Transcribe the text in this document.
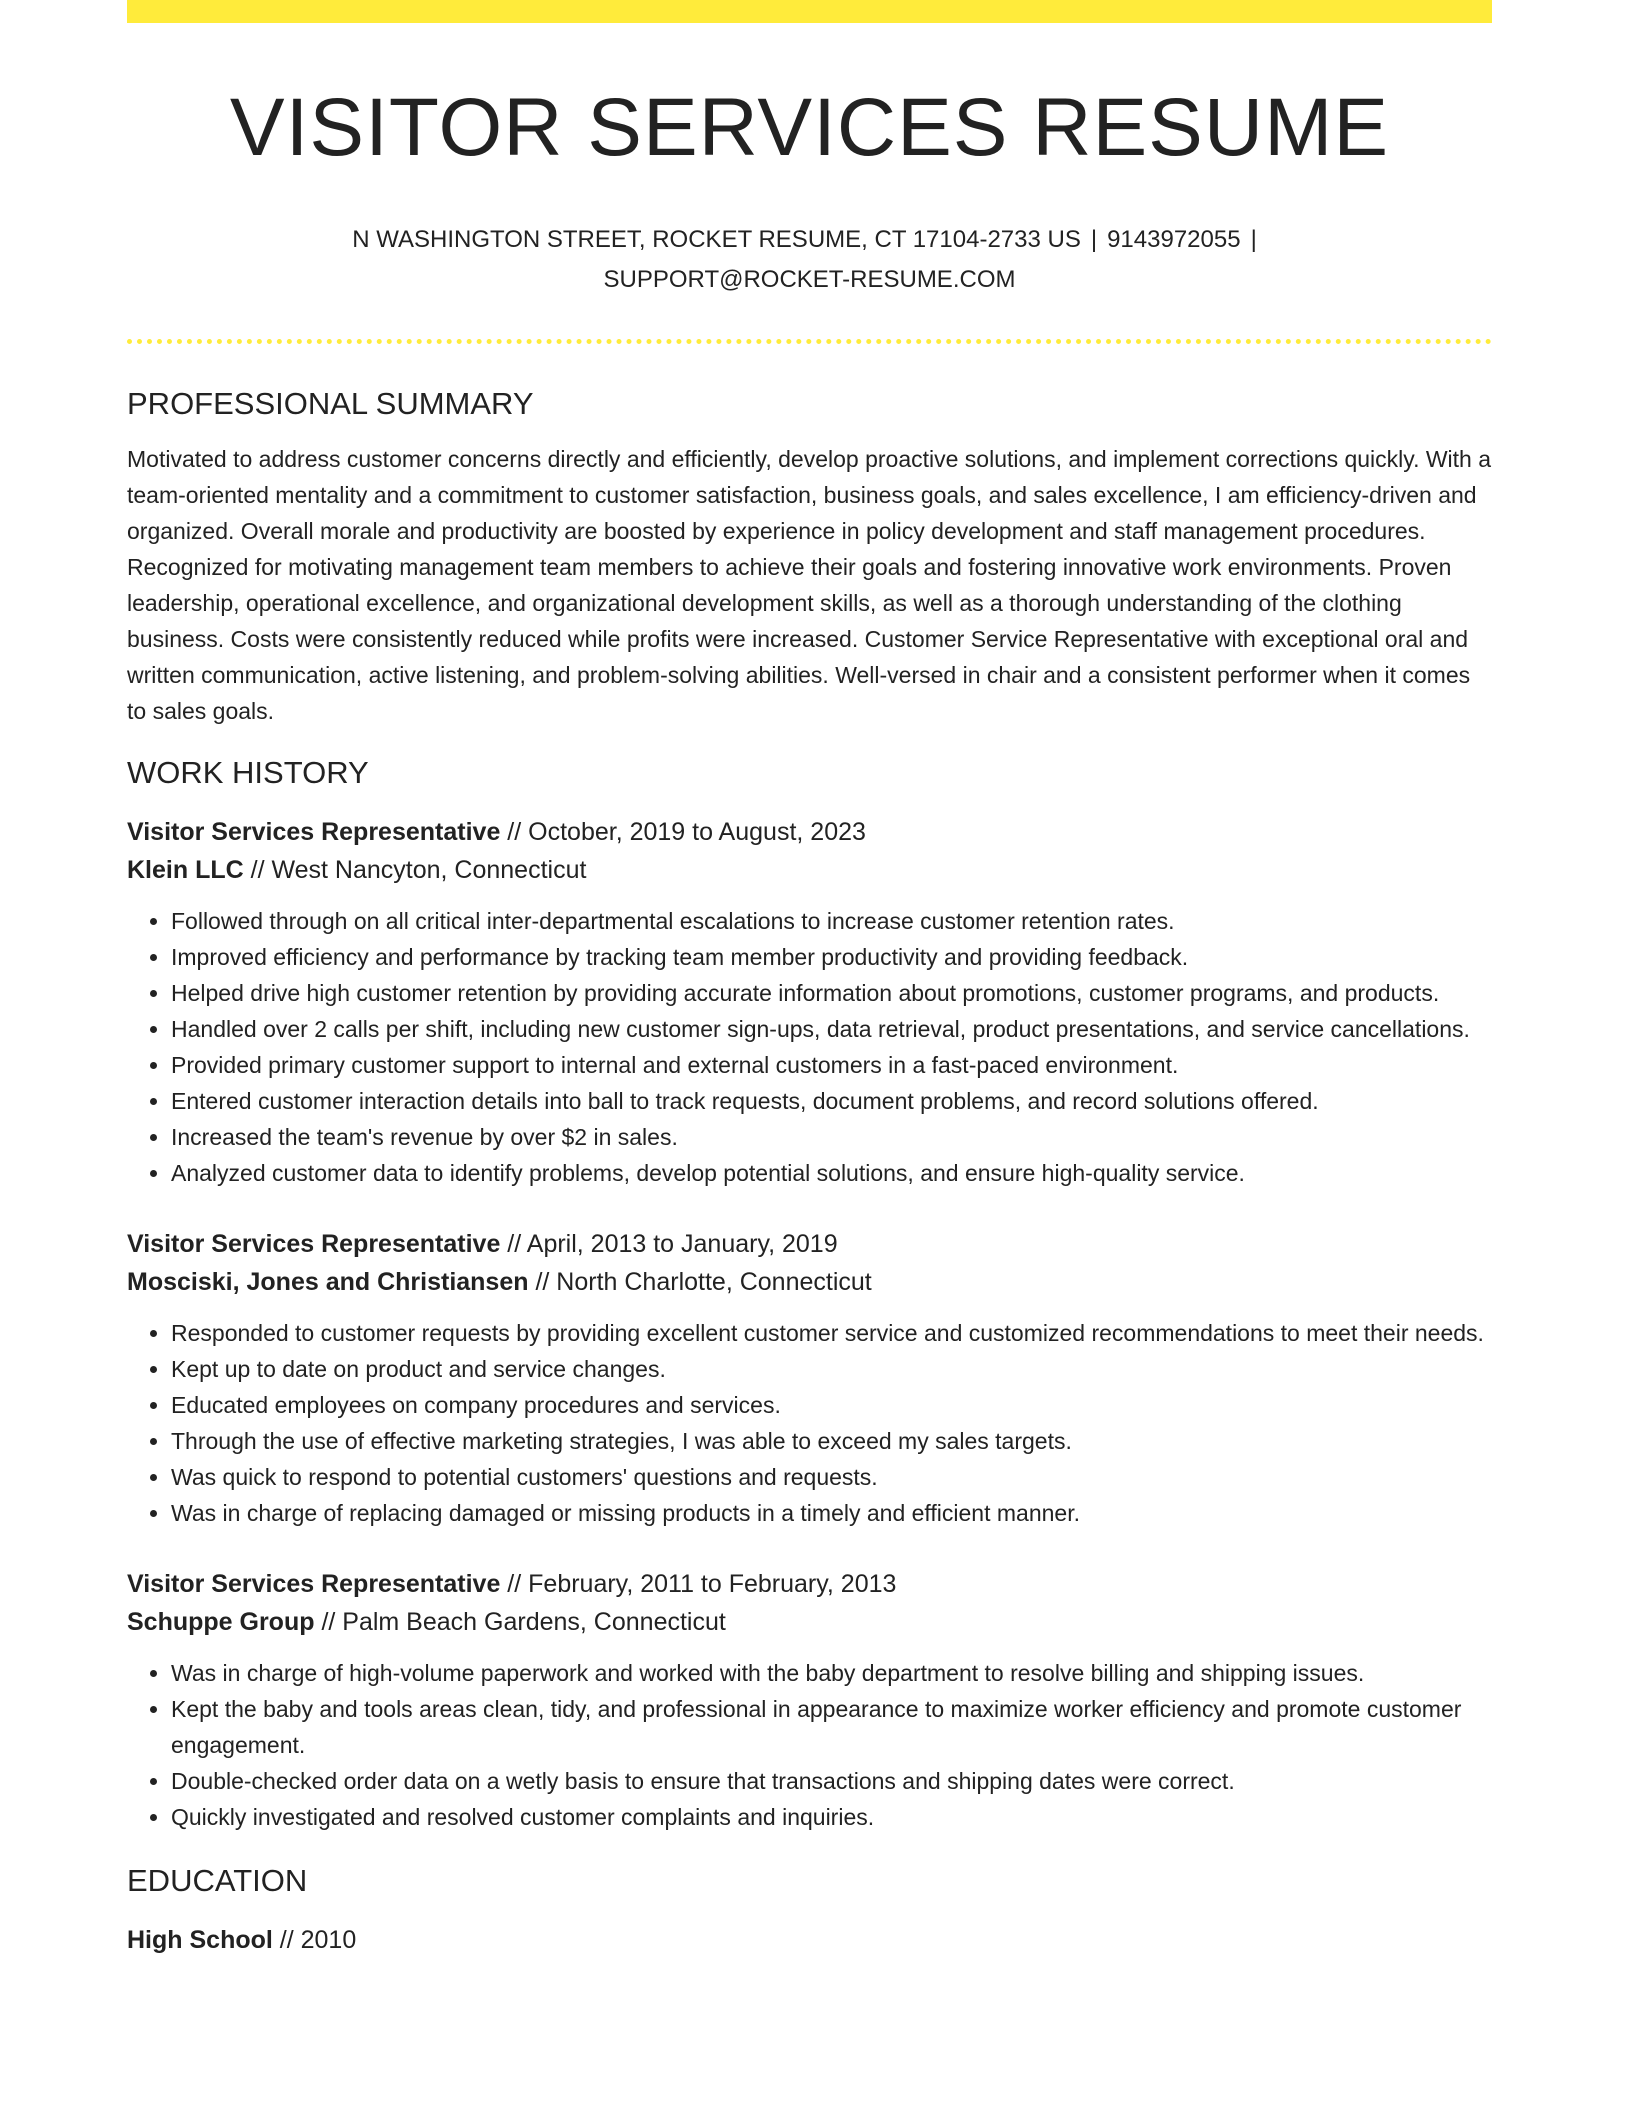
VISITOR SERVICES RESUME
N WASHINGTON STREET, ROCKET RESUME, CT 17104-2733 US | 9143972055 |
SUPPORT@ROCKET-RESUME.COM
PROFESSIONAL SUMMARY

Motivated to address customer concerns directly and efficiently, develop proactive solutions, and implement corrections quickly. With a team-oriented mentality and a commitment to customer satisfaction, business goals, and sales excellence, I am efficiency-driven and organized. Overall morale and productivity are boosted by experience in policy development and staff management procedures. Recognized for motivating management team members to achieve their goals and fostering innovative work environments. Proven leadership, operational excellence, and organizational development skills, as well as a thorough understanding of the clothing business. Costs were consistently reduced while profits were increased. Customer Service Representative with exceptional oral and written communication, active listening, and problem-solving abilities. Well-versed in chair and a consistent performer when it comes to sales goals.

WORK HISTORY
Visitor Services Representative // October, 2019 to August, 2023
Klein LLC // West Nancyton, Connecticut
• Followed through on all critical inter-departmental escalations to increase customer retention rates.
• Improved efficiency and performance by tracking team member productivity and providing feedback.
• Helped drive high customer retention by providing accurate information about promotions, customer programs, and products.
• Handled over 2 calls per shift, including new customer sign-ups, data retrieval, product presentations, and service cancellations.
• Provided primary customer support to internal and external customers in a fast-paced environment.
• Entered customer interaction details into ball to track requests, document problems, and record solutions offered.
• Increased the team's revenue by over $2 in sales.
• Analyzed customer data to identify problems, develop potential solutions, and ensure high-quality service.
Visitor Services Representative // April, 2013 to January, 2019
Mosciski, Jones and Christiansen // North Charlotte, Connecticut
• Responded to customer requests by providing excellent customer service and customized recommendations to meet their needs.
• Kept up to date on product and service changes.
• Educated employees on company procedures and services.
• Through the use of effective marketing strategies, I was able to exceed my sales targets.
• Was quick to respond to potential customers' questions and requests.
• Was in charge of replacing damaged or missing products in a timely and efficient manner.
Visitor Services Representative // February, 2011 to February, 2013
Schuppe Group // Palm Beach Gardens, Connecticut
• Was in charge of high-volume paperwork and worked with the baby department to resolve billing and shipping issues.
• Kept the baby and tools areas clean, tidy, and professional in appearance to maximize worker efficiency and promote customer engagement.
• Double-checked order data on a wetly basis to ensure that transactions and shipping dates were correct.
• Quickly investigated and resolved customer complaints and inquiries.
EDUCATION
High School // 2010
